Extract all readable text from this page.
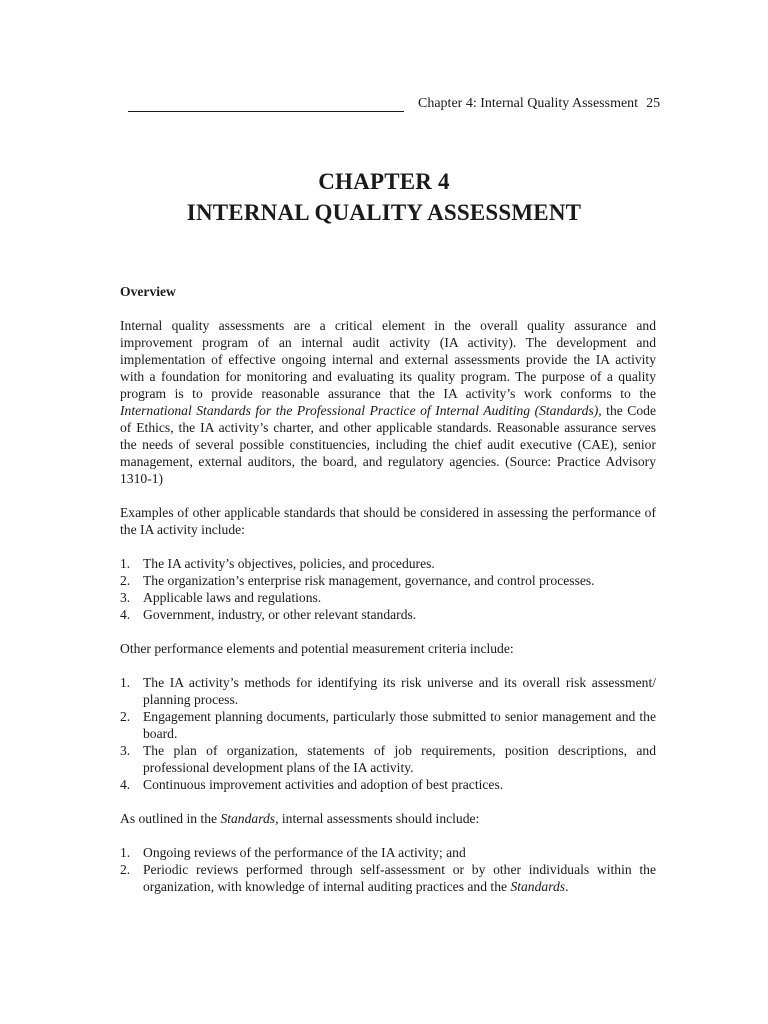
Chapter 4: Internal Quality Assessment 25
CHAPTER 4
INTERNAL QUALITY ASSESSMENT
Overview

Internal quality assessments are a critical element in the overall quality assurance and improvement program of an internal audit activity (IA activity). The development and implementation of effective ongoing internal and external assessments provide the IA activity with a foundation for monitoring and evaluating its quality program. The purpose of a quality program is to provide reasonable assurance that the IA activity’s work conforms to the International Standards for the Professional Practice of Internal Auditing (Standards), the Code of Ethics, the IA activity’s charter, and other applicable standards. Reasonable assurance serves the needs of several possible constituencies, including the chief audit executive (CAE), senior management, external auditors, the board, and regulatory agencies. (Source: Practice Advisory 1310-1)

Examples of other applicable standards that should be considered in assessing the performance of the IA activity include:

1. The IA activity’s objectives, policies, and procedures.
2. The organization’s enterprise risk management, governance, and control processes.
3. Applicable laws and regulations.
4. Government, industry, or other relevant standards.

Other performance elements and potential measurement criteria include:

1. The IA activity’s methods for identifying its risk universe and its overall risk assessment/ planning process.
2. Engagement planning documents, particularly those submitted to senior management and the board.
3. The plan of organization, statements of job requirements, position descriptions, and professional development plans of the IA activity.
4. Continuous improvement activities and adoption of best practices.

As outlined in the Standards, internal assessments should include:

1. Ongoing reviews of the performance of the IA activity; and
2. Periodic reviews performed through self-assessment or by other individuals within the organization, with knowledge of internal auditing practices and the Standards.
